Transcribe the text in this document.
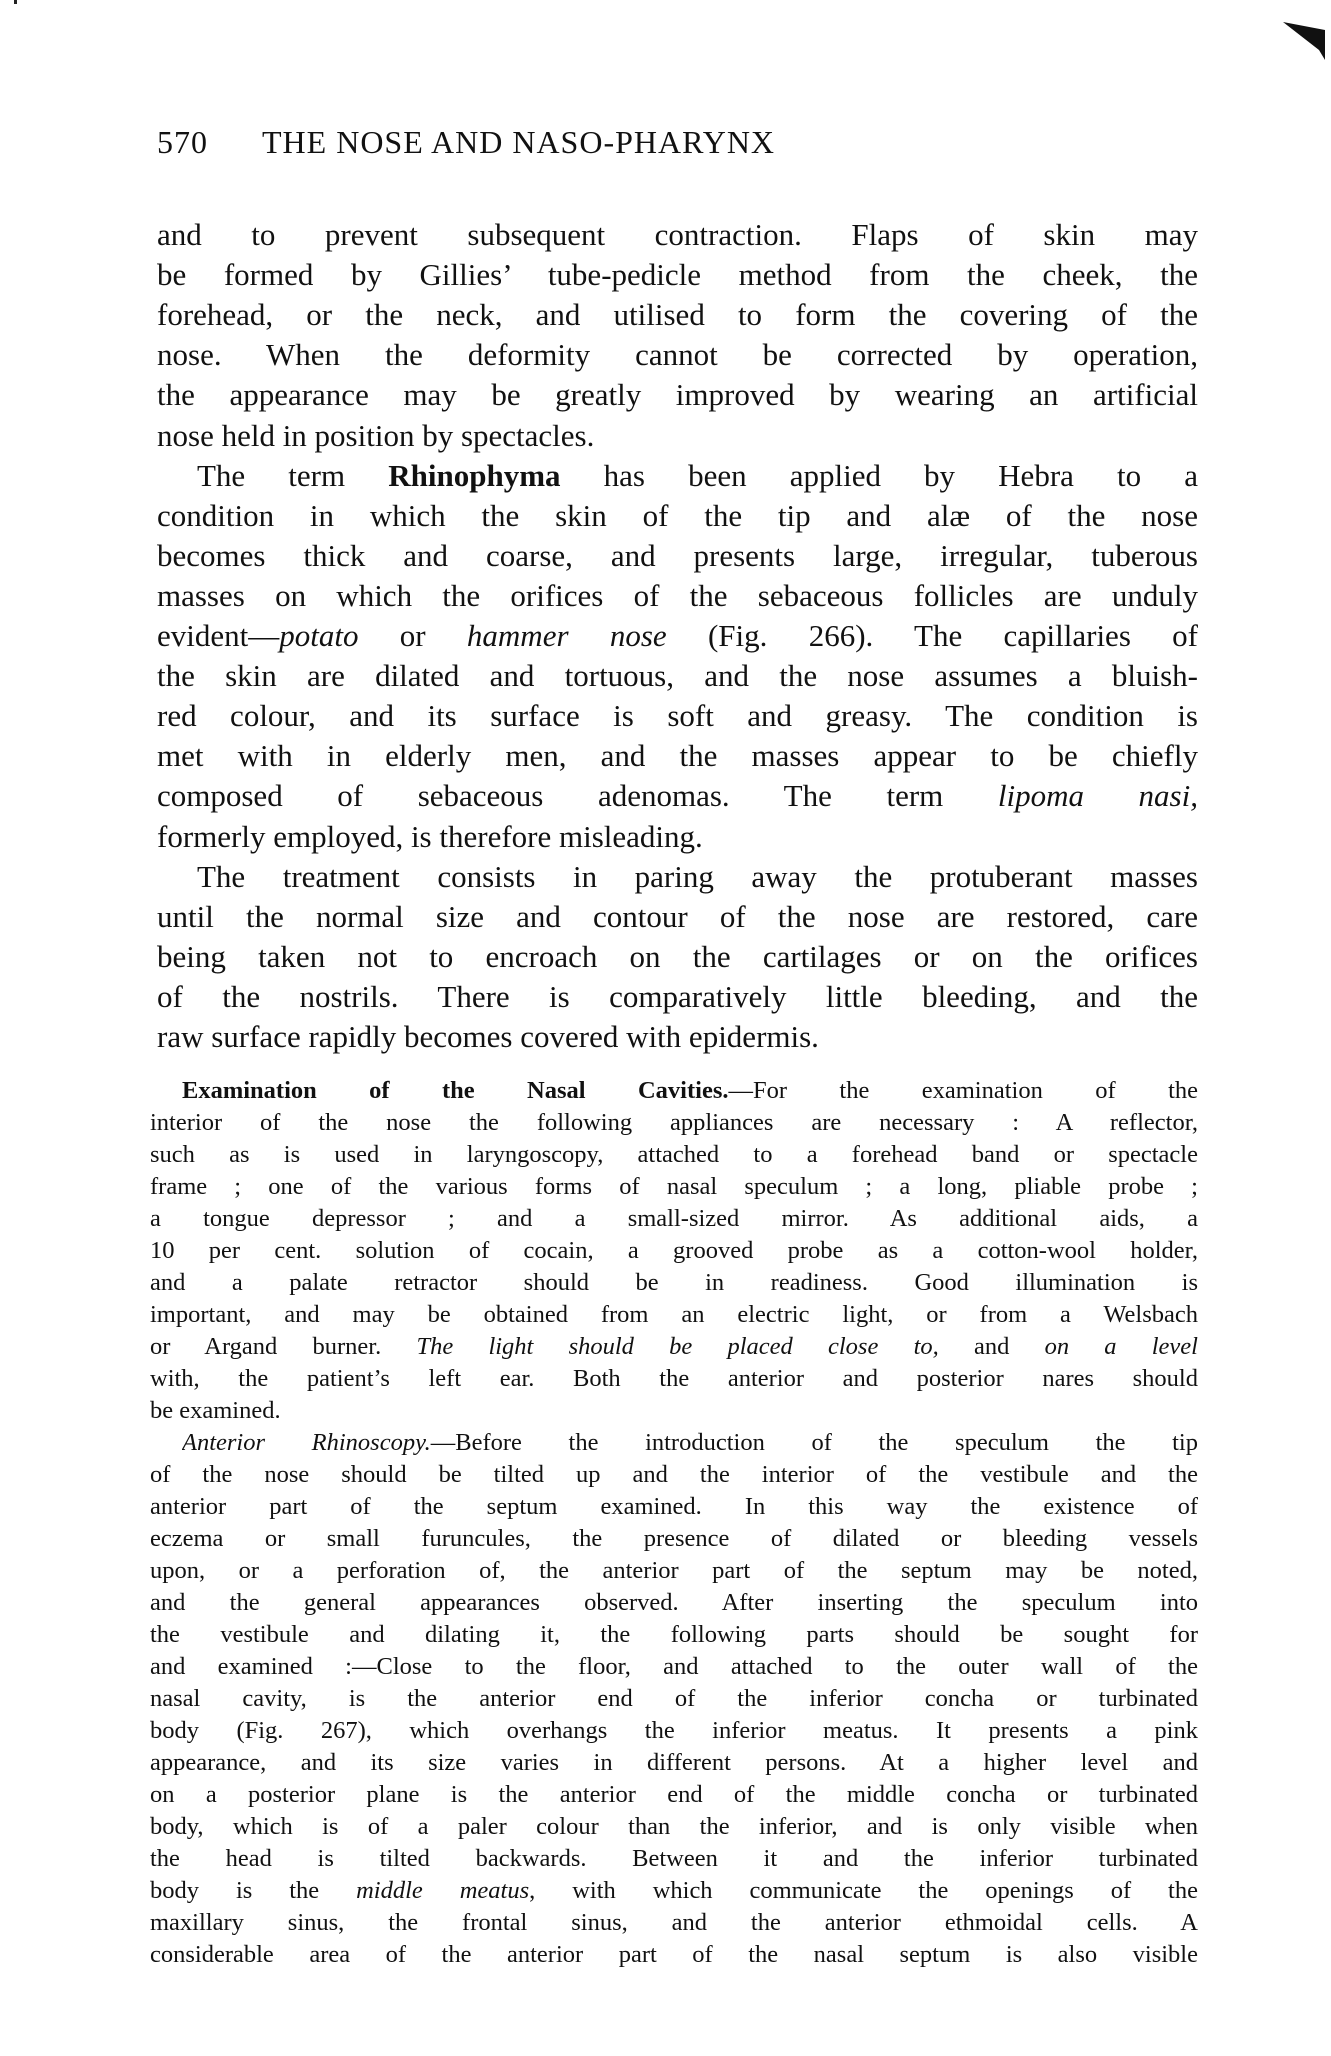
570 THE NOSE AND NASO-PHARYNX
and to prevent subsequent contraction. Flaps of skin may
be formed by Gillies’ tube-pedicle method from the cheek, the
forehead, or the neck, and utilised to form the covering of the
nose. When the deformity cannot be corrected by operation,
the appearance may be greatly improved by wearing an artificial
nose held in position by spectacles.
The term Rhinophyma has been applied by Hebra to a
condition in which the skin of the tip and alæ of the nose
becomes thick and coarse, and presents large, irregular, tuberous
masses on which the orifices of the sebaceous follicles are unduly
evident—potato or hammer nose (Fig. 266). The capillaries of
the skin are dilated and tortuous, and the nose assumes a bluish-
red colour, and its surface is soft and greasy. The condition is
met with in elderly men, and the masses appear to be chiefly
composed of sebaceous adenomas. The term lipoma nasi,
formerly employed, is therefore misleading.
The treatment consists in paring away the protuberant masses
until the normal size and contour of the nose are restored, care
being taken not to encroach on the cartilages or on the orifices
of the nostrils. There is comparatively little bleeding, and the
raw surface rapidly becomes covered with epidermis.
Examination of the Nasal Cavities.—For the examination of the
interior of the nose the following appliances are necessary : A reflector,
such as is used in laryngoscopy, attached to a forehead band or spectacle
frame ; one of the various forms of nasal speculum ; a long, pliable probe ;
a tongue depressor ; and a small-sized mirror. As additional aids, a
10 per cent. solution of cocain, a grooved probe as a cotton-wool holder,
and a palate retractor should be in readiness. Good illumination is
important, and may be obtained from an electric light, or from a Welsbach
or Argand burner. The light should be placed close to, and on a level
with, the patient’s left ear. Both the anterior and posterior nares should
be examined.
Anterior Rhinoscopy.—Before the introduction of the speculum the tip
of the nose should be tilted up and the interior of the vestibule and the
anterior part of the septum examined. In this way the existence of
eczema or small furuncules, the presence of dilated or bleeding vessels
upon, or a perforation of, the anterior part of the septum may be noted,
and the general appearances observed. After inserting the speculum into
the vestibule and dilating it, the following parts should be sought for
and examined :—Close to the floor, and attached to the outer wall of the
nasal cavity, is the anterior end of the inferior concha or turbinated
body (Fig. 267), which overhangs the inferior meatus. It presents a pink
appearance, and its size varies in different persons. At a higher level and
on a posterior plane is the anterior end of the middle concha or turbinated
body, which is of a paler colour than the inferior, and is only visible when
the head is tilted backwards. Between it and the inferior turbinated
body is the middle meatus, with which communicate the openings of the
maxillary sinus, the frontal sinus, and the anterior ethmoidal cells. A
considerable area of the anterior part of the nasal septum is also visible
